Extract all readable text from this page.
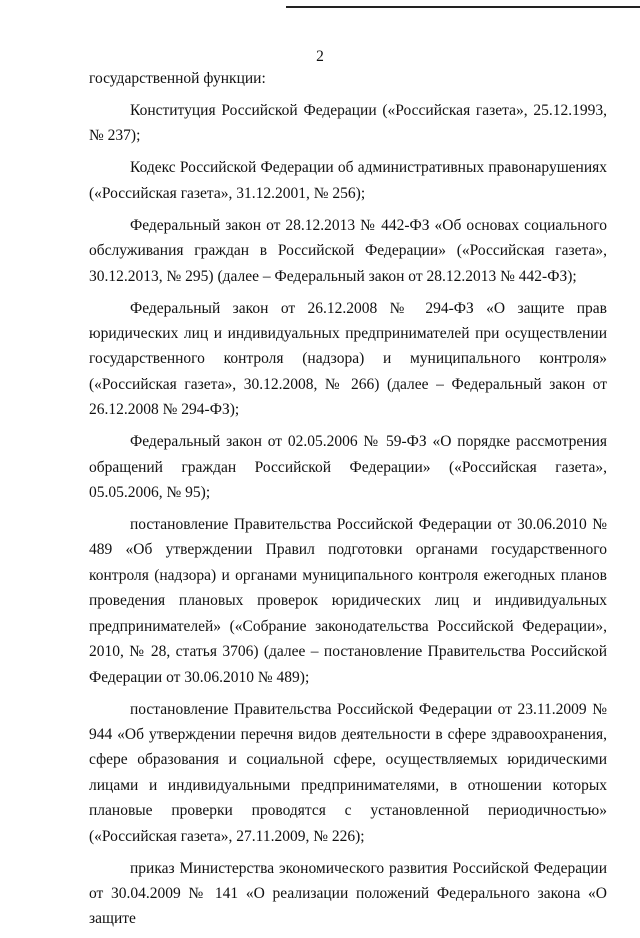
2

государственной функции:

Конституция Российской Федерации («Российская газета», 25.12.1993, № 237);

Кодекс Российской Федерации об административных правонарушениях («Российская газета», 31.12.2001, № 256);

Федеральный закон от 28.12.2013 № 442-ФЗ «Об основах социального обслуживания граждан в Российской Федерации» («Российская газета», 30.12.2013, № 295) (далее – Федеральный закон от 28.12.2013 № 442-ФЗ);

Федеральный закон от 26.12.2008 № 294-ФЗ «О защите прав юридических лиц и индивидуальных предпринимателей при осуществлении государственного контроля (надзора) и муниципального контроля» («Российская газета», 30.12.2008, № 266) (далее – Федеральный закон от 26.12.2008 № 294-ФЗ);

Федеральный закон от 02.05.2006 № 59-ФЗ «О порядке рассмотрения обращений граждан Российской Федерации» («Российская газета», 05.05.2006, № 95);

постановление Правительства Российской Федерации от 30.06.2010 № 489 «Об утверждении Правил подготовки органами государственного контроля (надзора) и органами муниципального контроля ежегодных планов проведения плановых проверок юридических лиц и индивидуальных предпринимателей» («Собрание законодательства Российской Федерации», 2010, № 28, статья 3706) (далее – постановление Правительства Российской Федерации от 30.06.2010 № 489);

постановление Правительства Российской Федерации от 23.11.2009 № 944 «Об утверждении перечня видов деятельности в сфере здравоохранения, сфере образования и социальной сфере, осуществляемых юридическими лицами и индивидуальными предпринимателями, в отношении которых плановые проверки проводятся с установленной периодичностью» («Российская газета», 27.11.2009, № 226);

приказ Министерства экономического развития Российской Федерации от 30.04.2009 № 141 «О реализации положений Федерального закона «О защите
